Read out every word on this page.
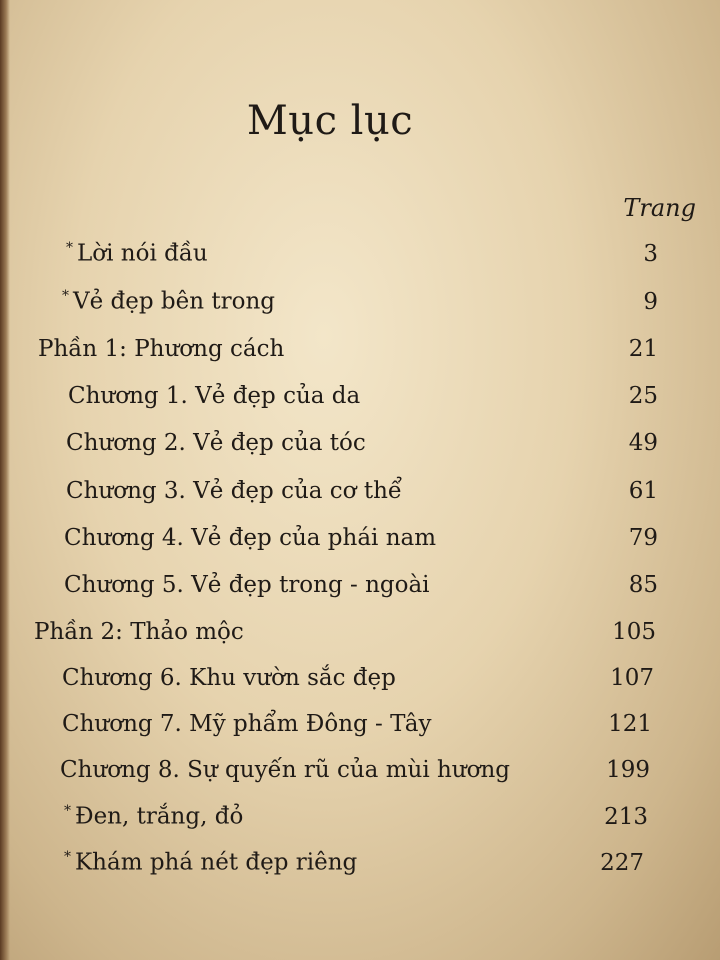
Mục lục
Trang
* Lời nói đầu	3
* Vẻ đẹp bên trong	9
Phần 1: Phương cách	21
Chương 1. Vẻ đẹp của da	25
Chương 2. Vẻ đẹp của tóc	49
Chương 3. Vẻ đẹp của cơ thể	61
Chương 4. Vẻ đẹp của phái nam	79
Chương 5. Vẻ đẹp trong - ngoài	85
Phần 2: Thảo mộc	105
Chương 6. Khu vườn sắc đẹp	107
Chương 7. Mỹ phẩm Đông - Tây	121
Chương 8. Sự quyến rũ của mùi hương	199
* Đen, trắng, đỏ	213
* Khám phá nét đẹp riêng	227
